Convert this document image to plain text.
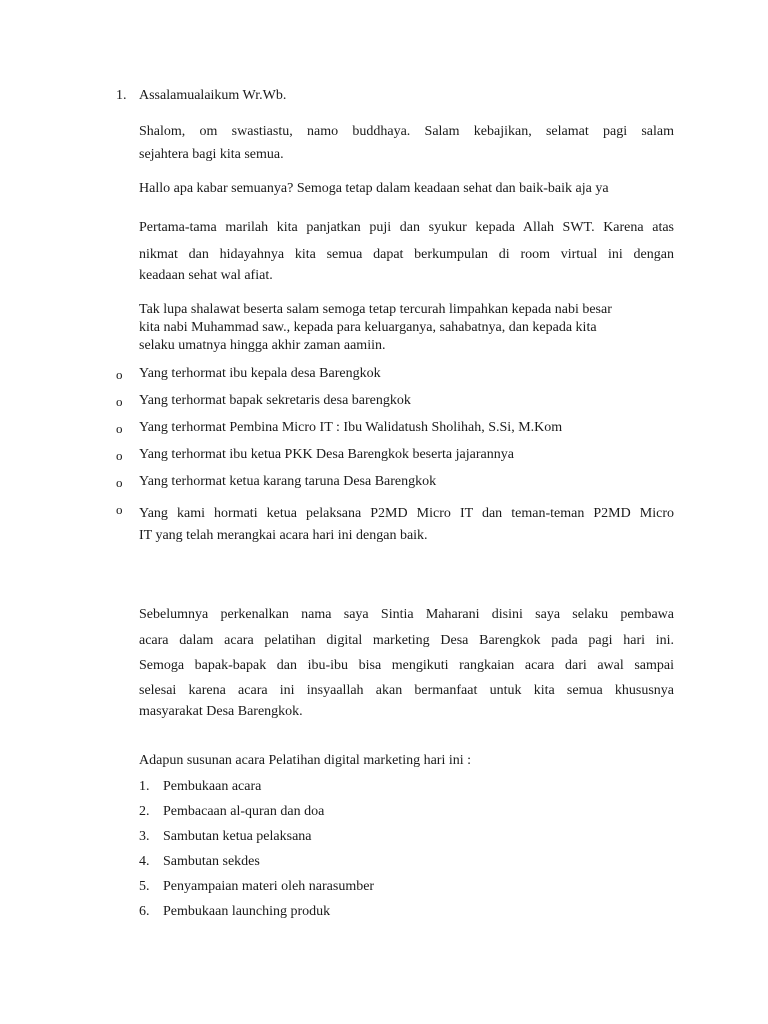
1. Assalamualaikum Wr.Wb.
Shalom, om swastiastu, namo buddhaya. Salam kebajikan, selamat pagi salam
sejahtera bagi kita semua.
Hallo apa kabar semuanya? Semoga tetap dalam keadaan sehat dan baik-baik aja ya
Pertama-tama marilah kita panjatkan puji dan syukur kepada Allah SWT. Karena atas
nikmat dan hidayahnya kita semua dapat berkumpulan di room virtual ini dengan
keadaan sehat wal afiat.
Tak lupa shalawat beserta salam semoga tetap tercurah limpahkan kepada nabi besar
kita nabi Muhammad saw., kepada para keluarganya, sahabatnya, dan kepada kita
selaku umatnya hingga akhir zaman aamiin.
o Yang terhormat ibu kepala desa Barengkok
o Yang terhormat bapak sekretaris desa barengkok
o Yang terhormat Pembina Micro IT : Ibu Walidatush Sholihah, S.Si, M.Kom
o Yang terhormat ibu ketua PKK Desa Barengkok beserta jajarannya
o Yang terhormat ketua karang taruna Desa Barengkok
o Yang kami hormati ketua pelaksana P2MD Micro IT dan teman-teman P2MD Micro
IT yang telah merangkai acara hari ini dengan baik.
Sebelumnya perkenalkan nama saya Sintia Maharani disini saya selaku pembawa
acara dalam acara pelatihan digital marketing Desa Barengkok pada pagi hari ini.
Semoga bapak-bapak dan ibu-ibu bisa mengikuti rangkaian acara dari awal sampai
selesai karena acara ini insyaallah akan bermanfaat untuk kita semua khususnya
masyarakat Desa Barengkok.
Adapun susunan acara Pelatihan digital marketing hari ini :
1. Pembukaan acara
2. Pembacaan al-quran dan doa
3. Sambutan ketua pelaksana
4. Sambutan sekdes
5. Penyampaian materi oleh narasumber
6. Pembukaan launching produk
